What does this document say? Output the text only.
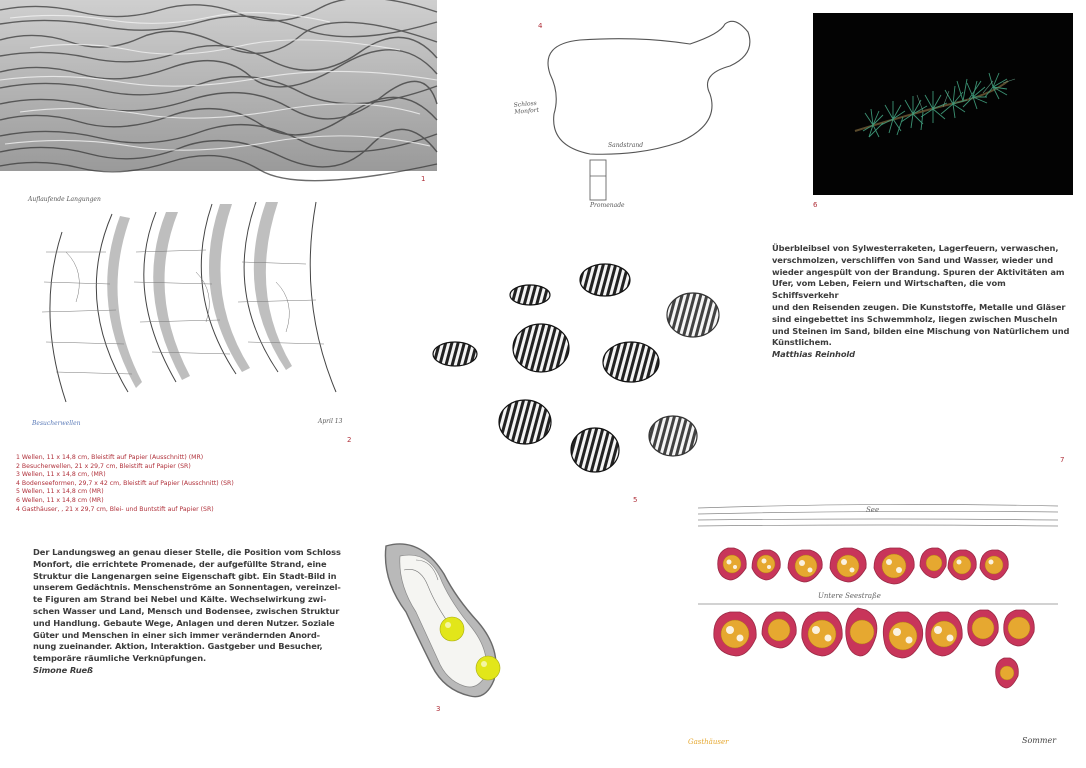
1
Schloss Monfort
Sandstrand
Promenade
4
6
Auflaufende Langungen
Besucherwellen	April 13
2
1 Wellen, 11 x 14,8 cm, Bleistift auf Papier (Ausschnitt) (MR)
2 Besucherwellen, 21 x 29,7 cm, Bleistift auf Papier (SR)
3 Wellen, 11 x 14,8 cm, (MR)
4 Bodenseeformen, 29,7 x 42 cm, Bleistift auf Papier (Ausschnitt) (SR)
5 Wellen, 11 x 14,8 cm (MR)
6 Wellen, 11 x 14,8 cm (MR)
4 Gasthäuser, , 21 x 29,7 cm, Blei- und Buntstift auf Papier (SR)
5
Überbleibsel von Sylwesterraketen, Lagerfeuern, verwaschen,
verschmolzen, verschliffen von Sand und Wasser, wieder und
wieder angespült von der Brandung. Spuren der Aktivitäten am
Ufer, vom Leben, Feiern und Wirtschaften, die vom Schiffsverkehr
und den Reisenden zeugen. Die Kunststoffe, Metalle und Gläser
sind eingebettet ins Schwemmholz, liegen zwischen Muscheln
und Steinen im Sand, bilden eine Mischung von Natürlichem und
Künstlichem.
Matthias Reinhold
7
See
Untere Seestraße
Gasthäuser	Sommer
Der Landungsweg an genau dieser Stelle, die Position vom Schloss
Monfort, die errichtete Promenade, der aufgefüllte Strand, eine
Struktur die Langenargen seine Eigenschaft gibt. Ein Stadt-Bild in
unserem Gedächtnis. Menschenströme an Sonnentagen, vereinzel-
te Figuren am Strand bei Nebel und Kälte. Wechselwirkung zwi-
schen Wasser und Land, Mensch und Bodensee, zwischen Struktur
und Handlung. Gebaute Wege, Anlagen und deren Nutzer. Soziale
Güter und Menschen in einer sich immer verändernden Anord-
nung zueinander. Aktion, Interaktion. Gastgeber und Besucher,
temporäre räumliche Verknüpfungen.
Simone Rueß
3
